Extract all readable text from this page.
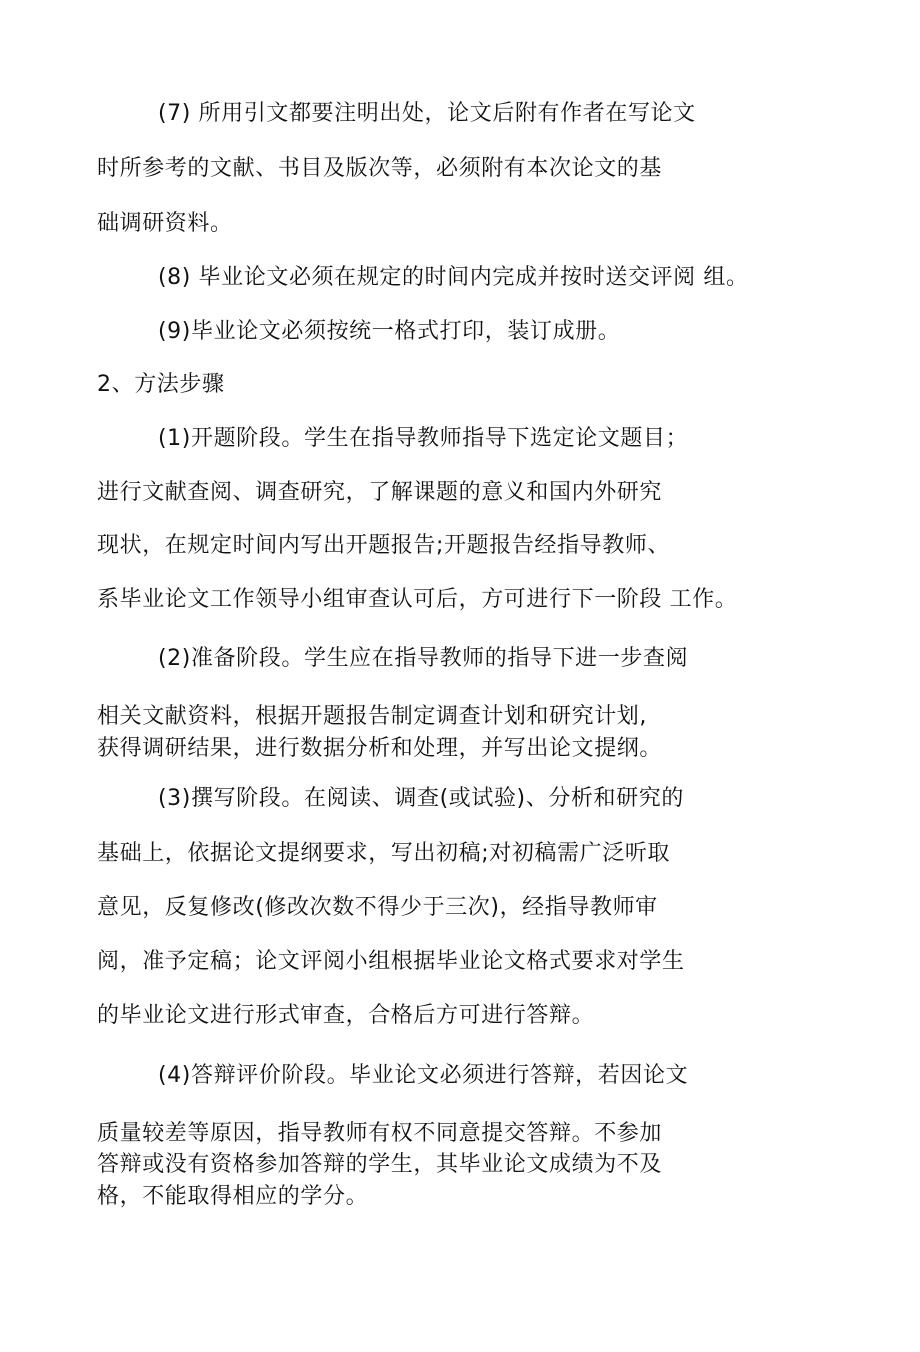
(7) 所用引文都要注明出处，论文后附有作者在写论文
时所参考的文献、书目及版次等，必须附有本次论文的基
础调研资料。
(8) 毕业论文必须在规定的时间内完成并按时送交评阅 组。
(9)毕业论文必须按统一格式打印，装订成册。
2、方法步骤
(1)开题阶段。学生在指导教师指导下选定论文题目；
进行文献查阅、调查研究，了解课题的意义和国内外研究
现状，在规定时间内写出开题报告;开题报告经指导教师、
系毕业论文工作领导小组审查认可后，方可进行下一阶段 工作。
(2)准备阶段。学生应在指导教师的指导下进一步查阅
相关文献资料，根据开题报告制定调查计划和研究计划,
获得调研结果，进行数据分析和处理，并写出论文提纲。
(3)撰写阶段。在阅读、调查(或试验)、分析和研究的
基础上，依据论文提纲要求，写出初稿;对初稿需广泛听取
意见，反复修改(修改次数不得少于三次)，经指导教师审
阅，准予定稿；论文评阅小组根据毕业论文格式要求对学生
的毕业论文进行形式审查，合格后方可进行答辩。
(4)答辩评价阶段。毕业论文必须进行答辩，若因论文
质量较差等原因，指导教师有权不同意提交答辩。不参加
答辩或没有资格参加答辩的学生，其毕业论文成绩为不及
格，不能取得相应的学分。
